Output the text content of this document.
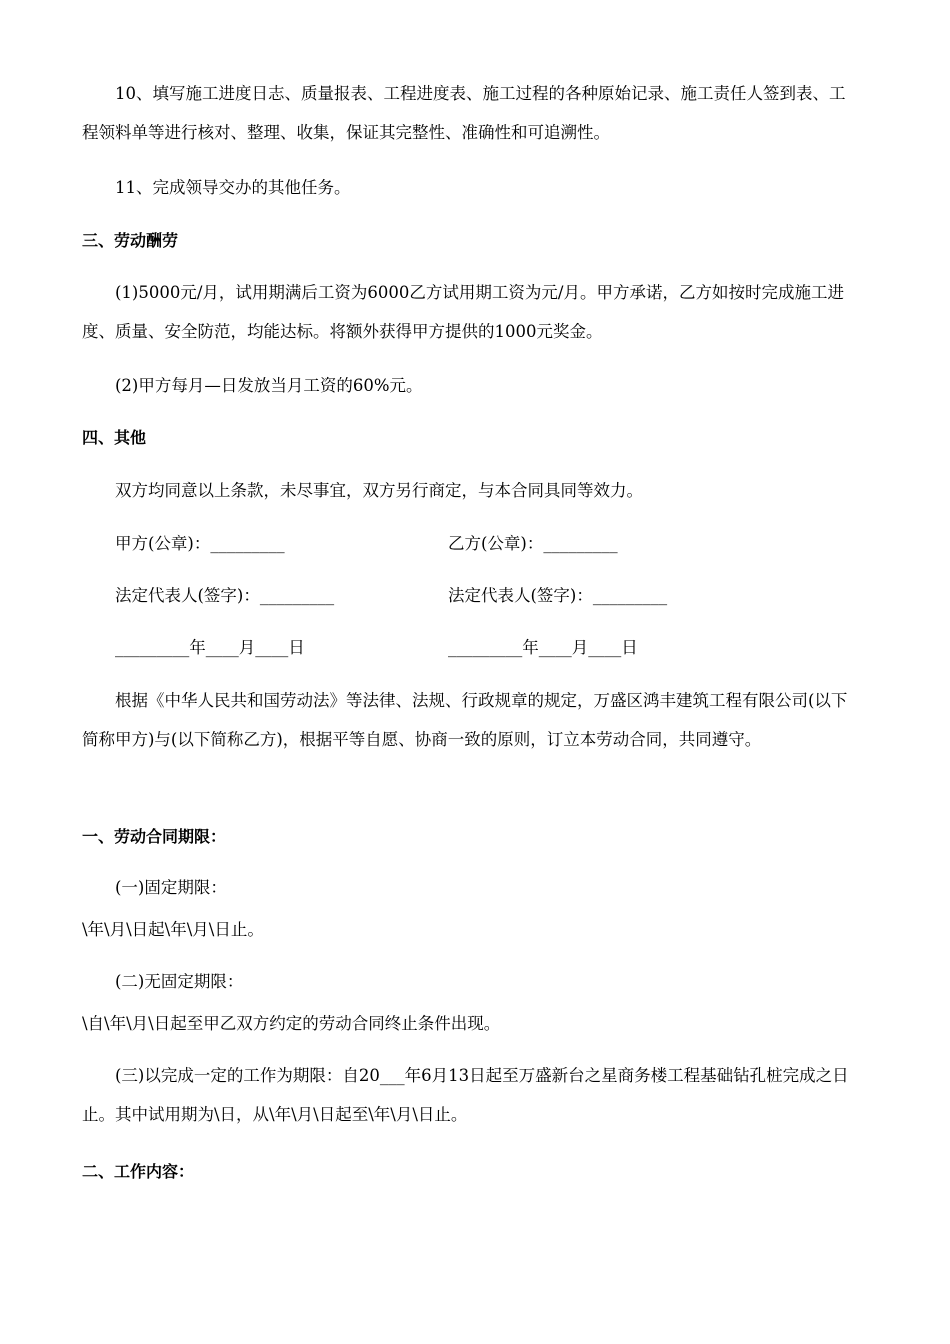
10、填写施工进度日志、质量报表、工程进度表、施工过程的各种原始记录、施工责任人签到表、工程领料单等进行核对、整理、收集，保证其完整性、准确性和可追溯性。
11、完成领导交办的其他任务。
三、劳动酬劳
(1)5000元/月，试用期满后工资为6000乙方试用期工资为元/月。甲方承诺，乙方如按时完成施工进度、质量、安全防范，均能达标。将额外获得甲方提供的1000元奖金。
(2)甲方每月—日发放当月工资的60%元。
四、其他
双方均同意以上条款，未尽事宜，双方另行商定，与本合同具同等效力。
甲方(公章)：_________	乙方(公章)：_________
法定代表人(签字)：_________	法定代表人(签字)：_________
_________年____月____日	_________年____月____日
根据《中华人民共和国劳动法》等法律、法规、行政规章的规定，万盛区鸿丰建筑工程有限公司(以下简称甲方)与(以下简称乙方)，根据平等自愿、协商一致的原则，订立本劳动合同，共同遵守。
一、劳动合同期限：
(一)固定期限：
\年\月\日起\年\月\日止。
(二)无固定期限：
\自\年\月\日起至甲乙双方约定的劳动合同终止条件出现。
(三)以完成一定的工作为期限：自20___年6月13日起至万盛新台之星商务楼工程基础钻孔桩完成之日止。其中试用期为\日，从\年\月\日起至\年\月\日止。
二、工作内容：
